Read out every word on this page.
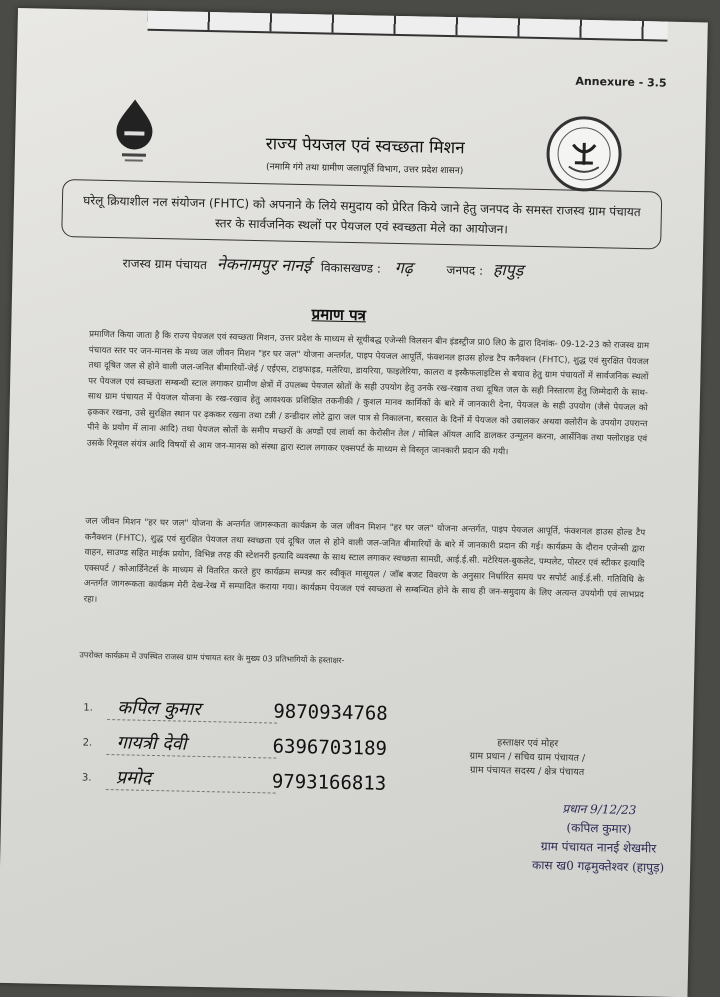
Annexure - 3.5
राज्य पेयजल एवं स्वच्छता मिशन
(नमामि गंगे तथा ग्रामीण जलापूर्ति विभाग, उत्तर प्रदेश शासन)
घरेलू क्रियाशील नल संयोजन (FHTC) को अपनाने के लिये समुदाय को प्रेरित किये जाने हेतु जनपद के समस्त राजस्व ग्राम पंचायत स्तर के सार्वजनिक स्थलों पर पेयजल एवं स्वच्छता मेले का आयोजन।
राजस्व ग्राम पंचायत नेकनामपुर नानई विकासखण्ड : गढ़	जनपद : हापुड़
प्रमाण पत्र
प्रमाणित किया जाता है कि राज्य पेयजल एवं स्वच्छता मिशन, उत्तर प्रदेश के माध्यम से सूचीबद्ध एजेन्सी विलसन बीन इंडस्ट्रीज प्रा0 लि0 के द्वारा दिनांक- 09-12-23 को राजस्व ग्राम पंचायत स्तर पर जन-मानस के मध्य जल जीवन मिशन "हर घर जल" योजना अन्तर्गत, पाइप पेयजल आपूर्ति, फंक्शनल हाउस होल्ड टैप कनैक्शन (FHTC), शुद्ध एवं सुरक्षित पेयजल तथा दूषित जल से होने वाली जल-जनित बीमारियों-जेई / एईएस, टाइफाइड, मलेरिया, डायरिया, फाइलेरिया, कालरा व इस्कैफलाइटिस से बचाव हेतु ग्राम पंचायतों में सार्वजनिक स्थलों पर पेयजल एवं स्वच्छता सम्बन्धी स्टाल लगाकर ग्रामीण क्षेत्रों में उपलब्ध पेयजल स्रोतों के सही उपयोग हेतु उनके रख-रखाव तथा दूषित जल के सही निस्तारण हेतु जिम्मेदारी के साथ-साथ ग्राम पंचायत में पेयजल योजना के रख-रखाव हेतु आवश्यक प्रशिक्षित तकनीकी / कुशल मानव कार्मिकों के बारे में जानकारी देना, पेयजल के सही उपयोग (जैसे पेयजल को ढ़ककर रखना, उसे सुरक्षित स्थान पर ढ़ककर रखना तथा टन्नी / डन्डीदार लोटे द्वारा जल पात्र से निकालना, बरसात के दिनों में पेयजल को उबालकर अथवा क्लोरीन के उपयोग उपरान्त पीने के प्रयोग में लाना आदि) तथा पेयजल स्रोतों के समीप मच्छरों के अण्डों एवं लार्वा का केरोसीन तेल / मोबिल ऑयल आदि डालकर उन्मूलन करना, आर्सेनिक तथा फ्लोराइड एवं उसके रिमूवल संयंत्र आदि विषयों से आम जन-मानस को संस्था द्वारा स्टाल लगाकर एक्सपर्ट के माध्यम से विस्तृत जानकारी प्रदान की गयी।
जल जीवन मिशन "हर घर जल" योजना के अन्तर्गत जागरूकता कार्यक्रम के जल जीवन मिशन "हर घर जल" योजना अन्तर्गत, पाइप पेयजल आपूर्ति, फंक्शनल हाउस होल्ड टैप कनैक्शन (FHTC), शुद्ध एवं सुरक्षित पेयजल तथा स्वच्छता एवं दूषित जल से होने वाली जल-जनित बीमारियों के बारे में जानकारी प्रदान की गई। कार्यक्रम के दौरान एजेन्सी द्वारा वाहन, साउण्ड सहित माईक प्रयोग, विभिन्न तरह की स्टेशनरी इत्यादि व्यवस्था के साथ स्टाल लगाकर स्वच्छता सामग्री, आई.ई.सी. मटेरियल-बुकलेट, पम्पलेट, पोस्टर एवं स्टीकर इत्यादि एक्सपर्ट / कोआर्डिनेटर्स के माध्यम से वितरित करते हुए कार्यक्रम सम्पन्न कर स्वीकृत मासूयल / जाॅब बजट विवरण के अनुसार निर्धारित समय पर सपोर्ट आई.ई.सी. गतिविधि के अन्तर्गत जागरूकता कार्यक्रम मेरी देख-रेख में सम्पादित कराया गया। कार्यक्रम पेयजल एवं स्वच्छता से सम्बन्धित होने के साथ ही जन-समुदाय के लिए अत्यन्त उपयोगी एवं लाभप्रद रहा।
उपरोक्त कार्यक्रम में उपस्थित राजस्व ग्राम पंचायत स्तर के मुख्य 03 प्रतिभागियों के हस्ताक्षर-
1.	कपिल कुमार	9870934768
2.	गायत्री देवी	6396703189
3.	प्रमोद	9793166813
हस्ताक्षर एवं मोहर
ग्राम प्रधान / सचिव ग्राम पंचायत /
ग्राम पंचायत सदस्य / क्षेत्र पंचायत
प्रधान 9/12/23
(कपिल कुमार)
ग्राम पंचायत नानई शेखमीर
कास ख0 गढ़मुक्तेश्वर (हापुड़)
